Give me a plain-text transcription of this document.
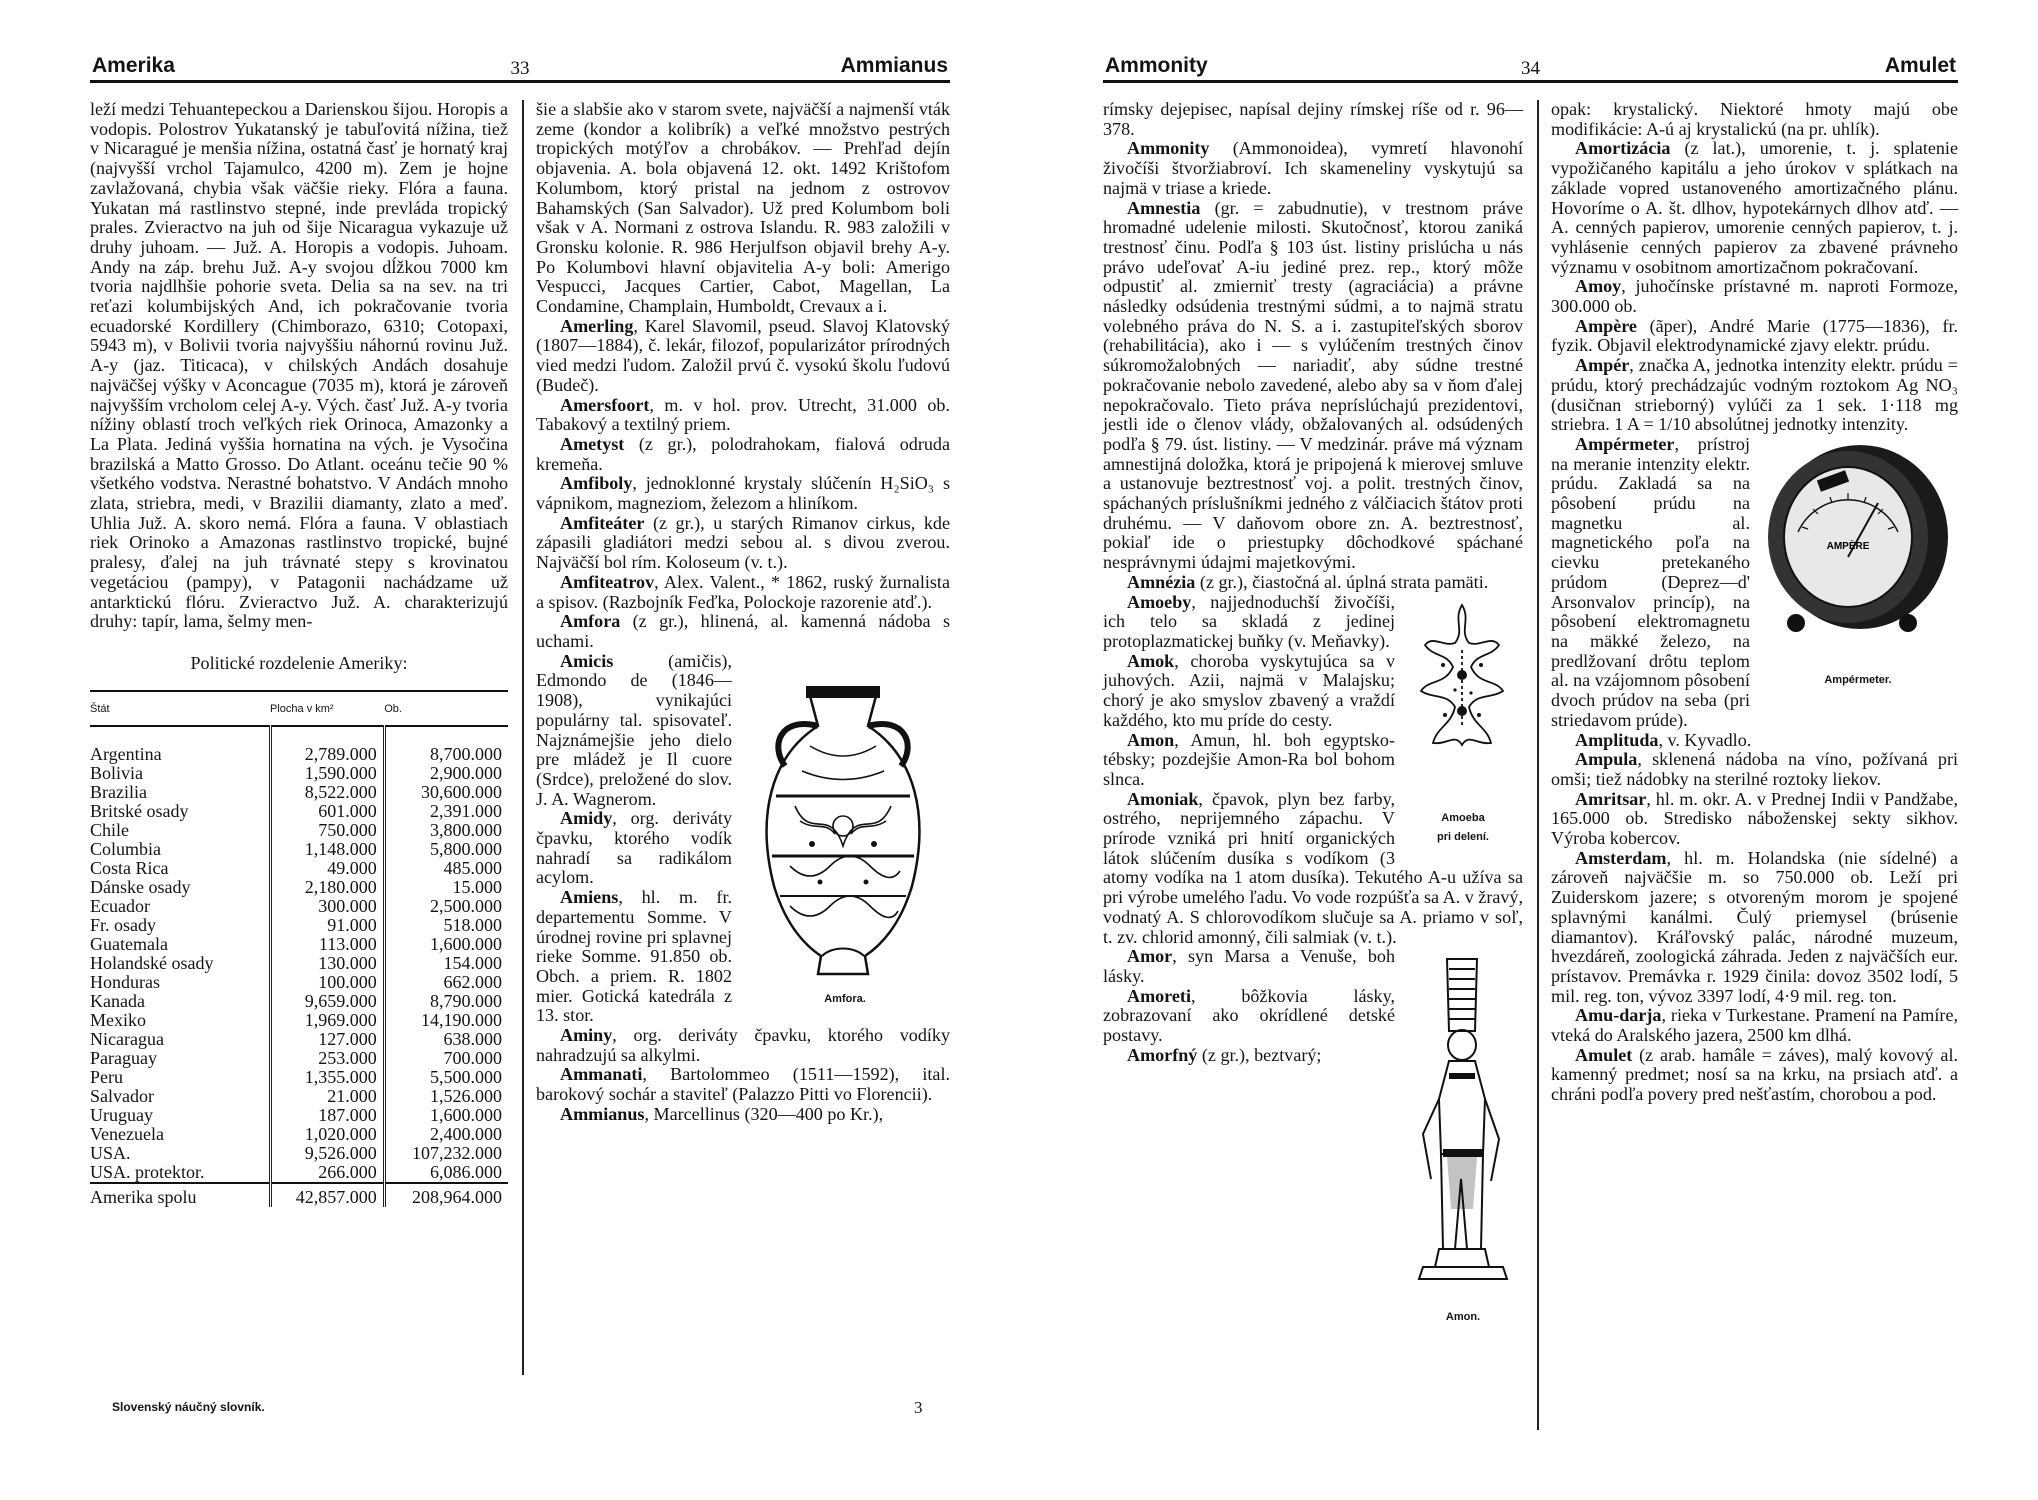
Amerika	33	Ammianus

leží medzi Tehuantepeckou a Darienskou šijou. Horopis a vodopis. Polostrov Yukatanský je tabuľovitá nížina, tiež v Nicaragué je menšia nížina, ostatná časť je hornatý kraj (najvyšší vrchol Tajamulco, 4200 m). Zem je hojne zavlažovaná, chybia však väčšie rieky. Flóra a fauna. Yukatan má rastlinstvo stepné, inde prevláda tropický prales. Zvieractvo na juh od šije Nicaragua vykazuje už druhy juhoam. — Juž. A. Horopis a vodopis. Juhoam. Andy na záp. brehu Juž. A-y svojou dĺžkou 7000 km tvoria najdlhšie pohorie sveta. Delia sa na sev. na tri reťazi kolumbijských And, ich pokračovanie tvoria ecuadorské Kordillery (Chimborazo, 6310; Cotopaxi, 5943 m), v Bolivii tvoria najvyššiu náhornú rovinu Juž. A-y (jaz. Titicaca), v chilských Andách dosahuje najväčšej výšky v Aconcague (7035 m), ktorá je zároveň najvyšším vrcholom celej A-y. Vých. časť Juž. A-y tvoria nížiny oblastí troch veľkých riek Orinoca, Amazonky a La Plata. Jediná vyššia hornatina na vých. je Vysočina brazilská a Matto Grosso. Do Atlant. oceánu tečie 90 % všetkého vodstva. Nerastné bohatstvo. V Andách mnoho zlata, striebra, medi, v Brazilii diamanty, zlato a meď. Uhlia Juž. A. skoro nemá. Flóra a fauna. V oblastiach riek Orinoko a Amazonas rastlinstvo tropické, bujné pralesy, ďalej na juh trávnaté stepy s krovinatou vegetáciou (pampy), v Patagonii nachádzame už antarktickú flóru. Zvieractvo Juž. A. charakterizujú druhy: tapír, lama, šelmy men-

Politické rozdelenie Ameriky:
Štát	Plocha v km²	Ob.
Argentina	2,789.000	8,700.000
Bolivia	1,590.000	2,900.000
Brazilia	8,522.000	30,600.000
Britské osady	601.000	2,391.000
Chile	750.000	3,800.000
Columbia	1,148.000	5,800.000
Costa Rica	49.000	485.000
Dánske osady	2,180.000	15.000
Ecuador	300.000	2,500.000
Fr. osady	91.000	518.000
Guatemala	113.000	1,600.000
Holandské osady	130.000	154.000
Honduras	100.000	662.000
Kanada	9,659.000	8,790.000
Mexiko	1,969.000	14,190.000
Nicaragua	127.000	638.000
Paraguay	253.000	700.000
Peru	1,355.000	5,500.000
Salvador	21.000	1,526.000
Uruguay	187.000	1,600.000
Venezuela	1,020.000	2,400.000
USA.	9,526.000	107,232.000
USA. protektor.	266.000	6,086.000
Amerika spolu	42,857.000	208,964.000

šie a slabšie ako v starom svete, najväčší a najmenší vták zeme (kondor a kolibrík) a veľké množstvo pestrých tropických motýľov a chrobákov. — Prehľad dejín objavenia. A. bola objavená 12. okt. 1492 Krištofom Kolumbom, ktorý pristal na jednom z ostrovov Bahamských (San Salvador). Už pred Kolumbom boli však v A. Normani z ostrova Islandu. R. 983 založili v Gronsku kolonie. R. 986 Herjulfson objavil brehy A-y. Po Kolumbovi hlavní objavitelia A-y boli: Amerigo Vespucci, Jacques Cartier, Cabot, Magellan, La Condamine, Champlain, Humboldt, Crevaux a i.

Amerling, Karel Slavomil, pseud. Slavoj Klatovský (1807—1884), č. lekár, filozof, popularizátor prírodných vied medzi ľudom. Založil prvú č. vysokú školu ľudovú (Budeč).

Amersfoort, m. v hol. prov. Utrecht, 31.000 ob. Tabakový a textilný priem.

Ametyst (z gr.), polodrahokam, fialová odruda kremeňa.

Amfiboly, jednoklonné krystaly slúčenín H₂SiO₃ s vápnikom, magneziom, železom a hliníkom.

Amfiteáter (z gr.), u starých Rimanov cirkus, kde zápasili gladiátori medzi sebou al. s divou zverou. Najväčší bol rím. Koloseum (v. t.).

Amfiteatrov, Alex. Valent., * 1862, ruský žurnalista a spisov. (Razbojník Feďka, Polockoje razorenie atď.).

Amfora (z gr.), hlinená, al. kamenná nádoba s uchami.

Amfora.

Amicis (amičis), Edmondo de (1846—1908), vynikajúci populárny tal. spisovateľ. Najznámejšie jeho dielo pre mládež je Il cuore (Srdce), preložené do slov. J. A. Wagnerom.

Amidy, org. deriváty čpavku, ktorého vodík nahradí sa radikálom acylom.

Amiens, hl. m. fr. departementu Somme. V úrodnej rovine pri splavnej rieke Somme. 91.850 ob. Obch. a priem. R. 1802 mier. Gotická katedrála z 13. stor.

Aminy, org. deriváty čpavku, ktorého vodíky nahradzujú sa alkylmi.

Ammanati, Bartolommeo (1511—1592), ital. barokový sochár a staviteľ (Palazzo Pitti vo Florencii).

Ammianus, Marcellinus (320—400 po Kr.),

Slovenský náučný slovník.	3
Ammonity	34	Amulet

rímsky dejepisec, napísal dejiny rímskej ríše od r. 96—378.

Ammonity (Ammonoidea), vymretí hlavonohí živočíši štvoržiabroví. Ich skameneliny vyskytujú sa najmä v triase a kriede.

Amnestia (gr. = zabudnutie), v trestnom práve hromadné udelenie milosti. Skutočnosť, ktorou zaniká trestnosť činu. Podľa § 103 úst. listiny prislúcha u nás právo udeľovať A-iu jediné prez. rep., ktorý môže odpustiť al. zmierniť tresty (agraciácia) a právne následky odsúdenia trestnými súdmi, a to najmä stratu volebného práva do N. S. a i. zastupiteľských sborov (rehabilitácia), ako i — s vylúčením trestných činov súkromožalobných — nariadiť, aby súdne trestné pokračovanie nebolo zavedené, alebo aby sa v ňom ďalej nepokračovalo. Tieto práva nepríslúchajú prezidentovi, jestli ide o členov vlády, obžalovaných al. odsúdených podľa § 79. úst. listiny. — V medzinár. práve má význam amnestijná doložka, ktorá je pripojená k mierovej smluve a ustanovuje beztrestnosť voj. a polit. trestných činov, spáchaných príslušníkmi jedného z válčiacich štátov proti druhému. — V daňovom obore zn. A. beztrestnosť, pokiaľ ide o priestupky dôchodkové spáchané nesprávnymi údajmi majetkovými.

Amnézia (z gr.), čiastočná al. úplná strata pamäti.

Amoeba
pri delení.

Amoeby, najjednoduchší živočíši, ich telo sa skladá z jedinej protoplazmatickej buňky (v. Meňavky).

Amok, choroba vyskytujúca sa v juhových. Azii, najmä v Malajsku; chorý je ako smyslov zbavený a vraždí každého, kto mu príde do cesty.

Amon, Amun, hl. boh egyptsko-tébsky; pozdejšie Amon-Ra bol bohom slnca.

Amoniak, čpavok, plyn bez farby, ostrého, neprijemného zápachu. V prírode vzniká pri hnití organických látok slúčením dusíka s vodíkom (3 atomy vodíka na 1 atom dusíka). Tekutého A-u užíva sa pri výrobe umelého ľadu. Vo vode rozpúšťa sa A. v žravý, vodnatý A. S chlorovodíkom slučuje sa A. priamo v soľ, t. zv. chlorid amonný, čili salmiak (v. t.).

Amon.

Amor, syn Marsa a Venuše, boh lásky.

Amoreti, bôžkovia lásky, zobrazovaní ako okrídlené detské postavy.

Amorfný (z gr.), beztvarý;

opak: krystalický. Niektoré hmoty majú obe modifikácie: A-ú aj krystalickú (na pr. uhlík).

Amortizácia (z lat.), umorenie, t. j. splatenie vypožičaného kapitálu a jeho úrokov v splátkach na základe vopred ustanoveného amortizačného plánu. Hovoríme o A. št. dlhov, hypotekárnych dlhov atď. — A. cenných papierov, umorenie cenných papierov, t. j. vyhlásenie cenných papierov za zbavené právneho významu v osobitnom amortizačnom pokračovaní.

Amoy, juhočínske prístavné m. naproti Formoze, 300.000 ob.

Ampère (ãper), André Marie (1775—1836), fr. fyzik. Objavil elektrodynamické zjavy elektr. prúdu.

Ampér, značka A, jednotka intenzity elektr. prúdu = prúdu, ktorý prechádzajúc vodným roztokom Ag NO₃ (dusičnan strieborný) vylúči za 1 sek. 1·118 mg striebra. 1 A = 1/10 absolútnej jednotky intenzity.

AMPÈRE
Ampérmeter.

Ampérmeter, prístroj na meranie intenzity elektr. prúdu. Zakladá sa na pôsobení prúdu na magnetku al. magnetického poľa na cievku pretekaného prúdom (Deprez—d' Arsonvalov princíp), na pôsobení elektromagnetu na mäkké železo, na predlžovaní drôtu teplom al. na vzájomnom pôsobení dvoch prúdov na seba (pri striedavom prúde).

Amplituda, v. Kyvadlo.

Ampula, sklenená nádoba na víno, požívaná pri omši; tiež nádobky na sterilné roztoky liekov.

Amritsar, hl. m. okr. A. v Prednej Indii v Pandžabe, 165.000 ob. Stredisko náboženskej sekty sikhov. Výroba kobercov.

Amsterdam, hl. m. Holandska (nie sídelné) a zároveň najväčšie m. so 750.000 ob. Leží pri Zuiderskom jazere; s otvoreným morom je spojené splavnými kanálmi. Čulý priemysel (brúsenie diamantov). Kráľovský palác, národné muzeum, hvezdáreň, zoologická záhrada. Jeden z najväčších eur. prístavov. Premávka r. 1929 činila: dovoz 3502 lodí, 5 mil. reg. ton, vývoz 3397 lodí, 4·9 mil. reg. ton.

Amu-darja, rieka v Turkestane. Pramení na Pamíre, vteká do Aralského jazera, 2500 km dlhá.

Amulet (z arab. hamâle = záves), malý kovový al. kamenný predmet; nosí sa na krku, na prsiach atď. a chráni podľa povery pred nešťastím, chorobou a pod.
